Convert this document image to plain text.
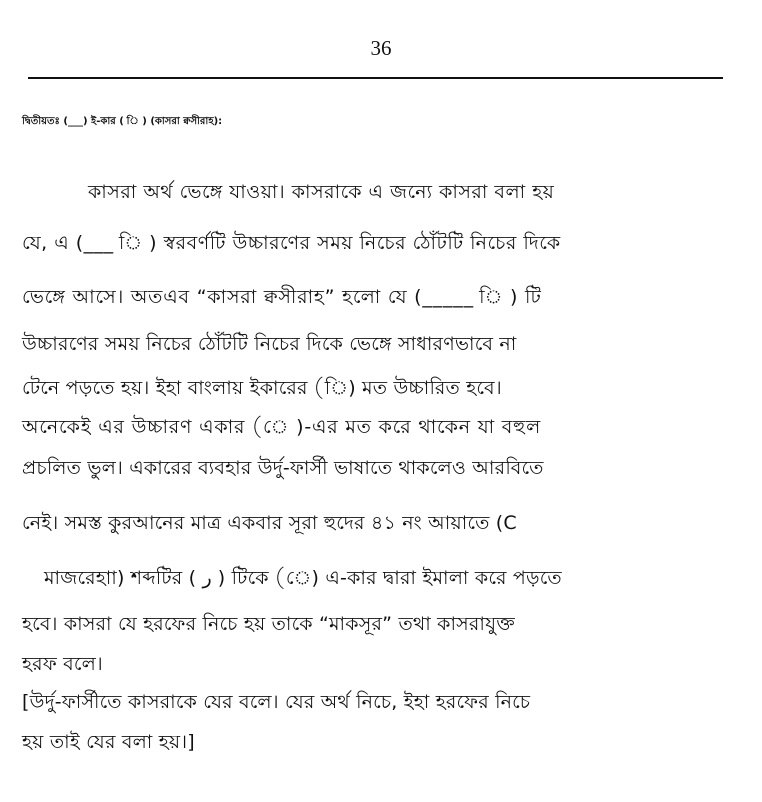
36
দ্বিতীয়তঃ (___) ই-কার ( ি ) (কাসরা ক্বসীরাহ):
কাসরা অর্থ ভেঙ্গে যাওয়া। কাসরাকে এ জন্যে কাসরা বলা হয়
যে, এ (___ ি ) স্বরবর্ণটি উচ্চারণের সময় নিচের ঠোঁটটি নিচের দিকে
ভেঙ্গে আসে। অতএব “কাসরা ক্বসীরাহ” হলো যে (_____ ি ) টি
উচ্চারণের সময় নিচের ঠোঁটটি নিচের দিকে ভেঙ্গে সাধারণভাবে না
টেনে পড়তে হয়। ইহা বাংলায় ইকারের (ি) মত উচ্চারিত হবে।
অনেকেই এর উচ্চারণ একার (ে )-এর মত করে থাকেন যা বহুল
প্রচলিত ভুল। একারের ব্যবহার উর্দু-ফার্সী ভাষাতে থাকলেও আরবিতে
নেই। সমস্ত কুরআনের মাত্র একবার সূরা হুদের ৪১ নং আয়াতে (C
মাজরেহাা) শব্দটির ( ر ) টিকে (ে) এ-কার দ্বারা ইমালা করে পড়তে
হবে। কাসরা যে হরফের নিচে হয় তাকে “মাকসূর” তথা কাসরাযুক্ত
হরফ বলে।
[উর্দু-ফার্সীতে কাসরাকে যের বলে। যের অর্থ নিচে, ইহা হরফের নিচে
হয় তাই যের বলা হয়।]
